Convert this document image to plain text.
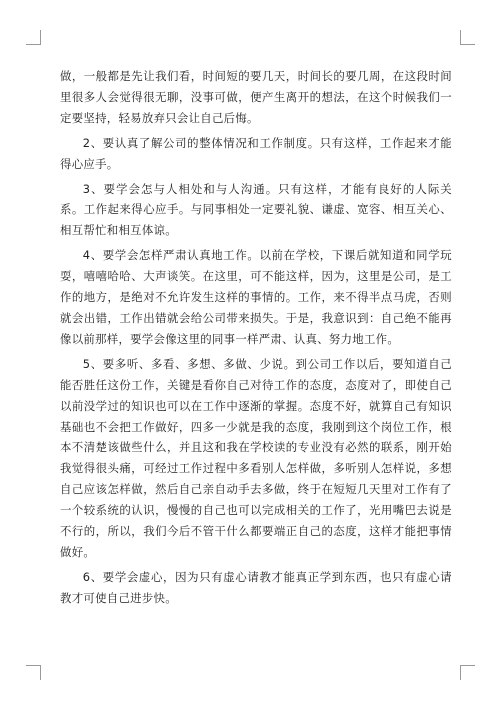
做，一般都是先让我们看，时间短的要几天，时间长的要几周，在这段时间里很多人会觉得很无聊，没事可做，便产生离开的想法，在这个时候我们一定要坚持，轻易放弃只会让自己后悔。

2、要认真了解公司的整体情况和工作制度。只有这样，工作起来才能得心应手。

3、要学会怎与人相处和与人沟通。只有这样，才能有良好的人际关系。工作起来得心应手。与同事相处一定要礼貌、谦虚、宽容、相互关心、相互帮忙和相互体谅。

4、要学会怎样严肃认真地工作。以前在学校，下课后就知道和同学玩耍，嘻嘻哈哈、大声谈笑。在这里，可不能这样，因为，这里是公司，是工作的地方，是绝对不允许发生这样的事情的。工作，来不得半点马虎，否则就会出错，工作出错就会给公司带来损失。于是，我意识到：自己绝不能再像以前那样，要学会像这里的同事一样严肃、认真、努力地工作。

5、要多听、多看、多想、多做、少说。到公司工作以后，要知道自己能否胜任这份工作，关键是看你自己对待工作的态度，态度对了，即使自己以前没学过的知识也可以在工作中逐渐的掌握。态度不好，就算自己有知识基础也不会把工作做好，四多一少就是我的态度，我刚到这个岗位工作，根本不清楚该做些什么，并且这和我在学校读的专业没有必然的联系，刚开始我觉得很头痛，可经过工作过程中多看别人怎样做，多听别人怎样说，多想自己应该怎样做，然后自己亲自动手去多做，终于在短短几天里对工作有了一个较系统的认识，慢慢的自己也可以完成相关的工作了，光用嘴巴去说是不行的，所以，我们今后不管干什么都要端正自己的态度，这样才能把事情做好。

6、要学会虚心，因为只有虚心请教才能真正学到东西，也只有虚心请教才可使自己进步快。
